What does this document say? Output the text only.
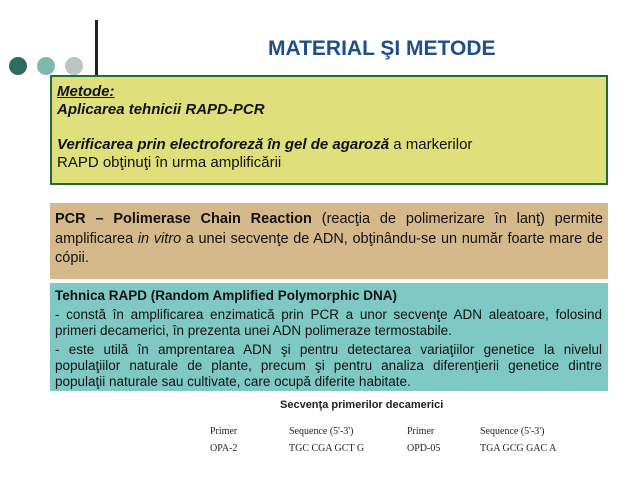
MATERIAL ŞI METODE
Metode:
Aplicarea tehnicii RAPD-PCR
Verificarea prin electroforeză în gel de agaroză a markerilor
RAPD obţinuţi în urma amplificării
PCR – Polimerase Chain Reaction (reacţia de polimerizare în lanţ) permite amplificarea in vitro a unei secvenţe de ADN, obţinându-se un număr foarte mare de cópii.
Tehnica RAPD (Random Amplified Polymorphic DNA)
- constă în amplificarea enzimatică prin PCR a unor secvenţe ADN aleatoare, folosind primeri decamerici, în prezenta unei ADN polimeraze termostabile.
- este utilă în amprentarea ADN şi pentru detectarea variaţiilor genetice la nivelul populaţiilor naturale de plante, precum şi pentru analiza diferenţierii genetice dintre populaţii naturale sau cultivate, care ocupă diferite habitate.
Secvenţa primerilor decamerici
Primer	Sequence (5'-3')	Primer	Sequence (5'-3')
OPA-2	TGC CGA GCT G	OPD-05	TGA GCG GAC A
